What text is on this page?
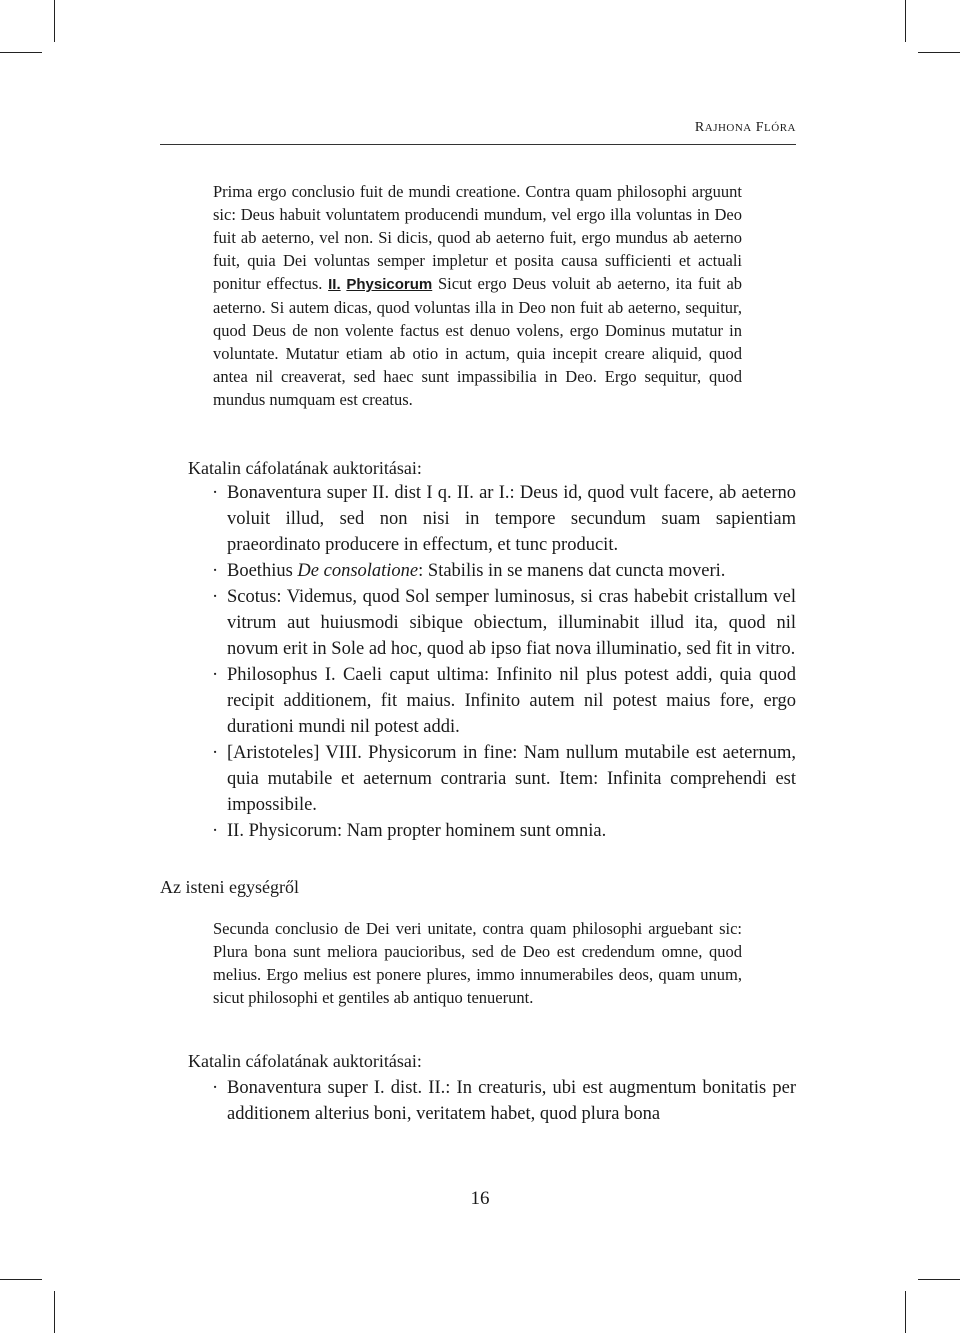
RAJHONA FLÓRA

Prima ergo conclusio fuit de mundi creatione. Contra quam philosophi arguunt sic: Deus habuit voluntatem producendi mundum, vel ergo illa voluntas in Deo fuit ab aeterno, vel non. Si dicis, quod ab aeterno fuit, ergo mundus ab aeterno fuit, quia Dei voluntas semper impletur et posita causa sufficienti et actuali ponitur effectus. II. Physicorum Sicut ergo Deus voluit ab aeterno, ita fuit ab aeterno. Si autem dicas, quod voluntas illa in Deo non fuit ab aeterno, sequitur, quod Deus de non volente factus est denuo volens, ergo Dominus mutatur in voluntate. Mutatur etiam ab otio in actum, quia incepit creare aliquid, quod antea nil creaverat, sed haec sunt impassibilia in Deo. Ergo sequitur, quod mundus numquam est creatus.

Katalin cáfolatának auktoritásai:

· Bonaventura super II. dist I q. II. ar I.: Deus id, quod vult facere, ab aeterno voluit illud, sed non nisi in tempore secundum suam sapientiam praeordinato producere in effectum, et tunc producit.
· Boethius De consolatione: Stabilis in se manens dat cuncta moveri.
· Scotus: Videmus, quod Sol semper luminosus, si cras habebit cristallum vel vitrum aut huiusmodi sibique obiectum, illuminabit illud ita, quod nil novum erit in Sole ad hoc, quod ab ipso fiat nova illuminatio, sed fit in vitro.
· Philosophus I. Caeli caput ultima: Infinito nil plus potest addi, quia quod recipit additionem, fit maius. Infinito autem nil potest maius fore, ergo durationi mundi nil potest addi.
· [Aristoteles] VIII. Physicorum in fine: Nam nullum mutabile est aeternum, quia mutabile et aeternum contraria sunt. Item: Infinita comprehendi est impossibile.
· II. Physicorum: Nam propter hominem sunt omnia.

Az isteni egységről

Secunda conclusio de Dei veri unitate, contra quam philosophi arguebant sic: Plura bona sunt meliora paucioribus, sed de Deo est credendum omne, quod melius. Ergo melius est ponere plures, immo innumerabiles deos, quam unum, sicut philosophi et gentiles ab antiquo tenuerunt.

Katalin cáfolatának auktoritásai:

· Bonaventura super I. dist. II.: In creaturis, ubi est augmentum bonitatis per additionem alterius boni, veritatem habet, quod plura bona
16
